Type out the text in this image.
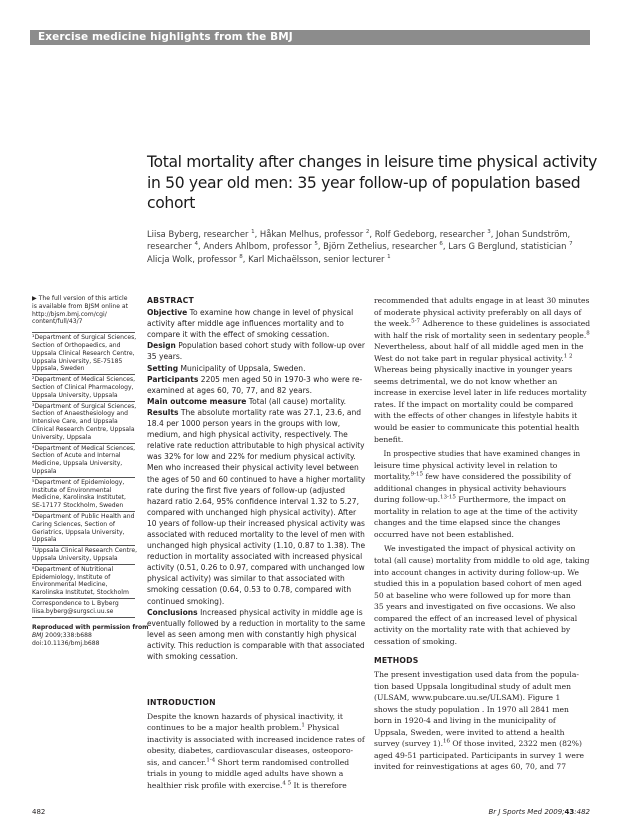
Exercise medicine highlights from the BMJ
Total mortality after changes in leisure time physical activity
in 50 year old men: 35 year follow-up of population based
cohort
Liisa Byberg, researcher $^1$, Håkan Melhus, professor $^2$, Rolf Gedeborg, researcher $^3$, Johan Sundström,
researcher $^4$, Anders Ahlbom, professor $^5$, Björn Zethelius, researcher $^6$, Lars G Berglund, statistician $^7$
Alicja Wolk, professor $^8$, Karl Michaëlsson, senior lecturer $^1$
▶ The full version of this article
is available from BJSM online at
http://bjsm.bmj.com/cgi/
content/full/43/7
¹Department of Surgical Sciences,
Section of Orthopaedics, and
Uppsala Clinical Research Centre,
Uppsala University, SE-75185
Uppsala, Sweden
²Department of Medical Sciences,
Section of Clinical Pharmacology,
Uppsala University, Uppsala
³Department of Surgical Sciences,
Section of Anaesthesiology and
Intensive Care, and Uppsala
Clinical Research Centre, Uppsala
University, Uppsala
⁴Department of Medical Sciences,
Section of Acute and Internal
Medicine, Uppsala University,
Uppsala
⁵Department of Epidemiology,
Institute of Environmental
Medicine, Karolinska Institutet,
SE-17177 Stockholm, Sweden
⁶Department of Public Health and
Caring Sciences, Section of
Geriatrics, Uppsala University,
Uppsala
⁷Uppsala Clinical Research Centre,
Uppsala University, Uppsala
⁸Department of Nutritional
Epidemiology, Institute of
Environmental Medicine,
Karolinska Institutet, Stockholm
Correspondence to L Byberg
liisa.byberg@surgsci.uu.se
Reproduced with permission from
BMJ 2009;338:b688
doi:10.1136/bmj.b688
ABSTRACT
Objective To examine how change in level of physical
activity after middle age influences mortality and to
compare it with the effect of smoking cessation.
Design Population based cohort study with follow-up over
35 years.
Setting Municipality of Uppsala, Sweden.
Participants 2205 men aged 50 in 1970-3 who were re-
examined at ages 60, 70, 77, and 82 years.
Main outcome measure Total (all cause) mortality.
Results The absolute mortality rate was 27.1, 23.6, and
18.4 per 1000 person years in the groups with low,
medium, and high physical activity, respectively. The
relative rate reduction attributable to high physical activity
was 32% for low and 22% for medium physical activity.
Men who increased their physical activity level between
the ages of 50 and 60 continued to have a higher mortality
rate during the first five years of follow-up (adjusted
hazard ratio 2.64, 95% confidence interval 1.32 to 5.27,
compared with unchanged high physical activity). After
10 years of follow-up their increased physical activity was
associated with reduced mortality to the level of men with
unchanged high physical activity (1.10, 0.87 to 1.38). The
reduction in mortality associated with increased physical
activity (0.51, 0.26 to 0.97, compared with unchanged low
physical activity) was similar to that associated with
smoking cessation (0.64, 0.53 to 0.78, compared with
continued smoking).
Conclusions Increased physical activity in middle age is
eventually followed by a reduction in mortality to the same
level as seen among men with constantly high physical
activity. This reduction is comparable with that associated
with smoking cessation.
INTRODUCTION
Despite the known hazards of physical inactivity, it
continues to be a major health problem.$^1$ Physical
inactivity is associated with increased incidence rates of
obesity, diabetes, cardiovascular diseases, osteoporo-
sis, and cancer.$^{1-4}$ Short term randomised controlled
trials in young to middle aged adults have shown a
healthier risk profile with exercise.$^{4 5}$ It is therefore
recommended that adults engage in at least 30 minutes
of moderate physical activity preferably on all days of
the week.$^{5-7}$ Adherence to these guidelines is associated
with half the risk of mortality seen in sedentary people.$^8$
Nevertheless, about half of all middle aged men in the
West do not take part in regular physical activity.$^{1 2}$
Whereas being physically inactive in younger years
seems detrimental, we do not know whether an
increase in exercise level later in life reduces mortality
rates. If the impact on mortality could be compared
with the effects of other changes in lifestyle habits it
would be easier to communicate this potential health
benefit.
In prospective studies that have examined changes in
leisure time physical activity level in relation to
mortality,$^{9-15}$ few have considered the possibility of
additional changes in physical activity behaviours
during follow-up.$^{13-15}$ Furthermore, the impact on
mortality in relation to age at the time of the activity
changes and the time elapsed since the changes
occurred have not been established.
We investigated the impact of physical activity on
total (all cause) mortality from middle to old age, taking
into account changes in activity during follow-up. We
studied this in a population based cohort of men aged
50 at baseline who were followed up for more than
35 years and investigated on five occasions. We also
compared the effect of an increased level of physical
activity on the mortality rate with that achieved by
cessation of smoking.
METHODS
The present investigation used data from the popula-
tion based Uppsala longitudinal study of adult men
(ULSAM, www.pubcare.uu.se/ULSAM). Figure 1
shows the study population . In 1970 all 2841 men
born in 1920-4 and living in the municipality of
Uppsala, Sweden, were invited to attend a health
survey (survey 1).$^{16}$ Of those invited, 2322 men (82%)
aged 49-51 participated. Participants in survey 1 were
invited for reinvestigations at ages 60, 70, and 77
482	Br J Sports Med 2009;43:482
